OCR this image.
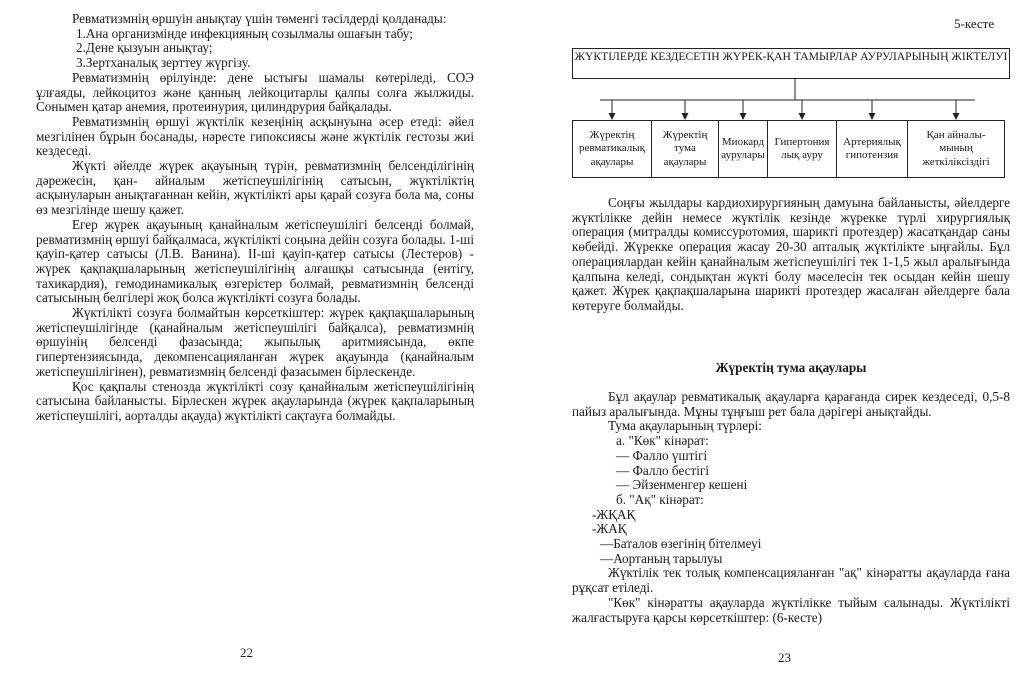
Ревматизмнің өршуін анықтау үшін төменгі тәсілдерді қолданады:

1.Ана организмінде инфекцияның созылмалы ошағын табу;

2.Дене қызуын анықтау;

3.Зертханалық зерттеу жүргізу.

Ревматизмнің өрілуінде: дене ыстығы шамалы көтеріледі, СОЭ ұлғаяды, лейкоцитоз және қанның лейкоцитарлы қалпы солға жылжиды. Сонымен қатар анемия, протеинурия, цилиндрурия байқалады.

Ревматизмнің өршуі жүктілік кезеңінің асқынуына әсер етеді: әйел мезгілінен бұрын босанады, нәресте гипоксиясы және жүктілік гестозы жиі кездеседі.

Жүкті әйелде жүрек ақауының түрін, ревматизмнің белсенділігінің дәрежесін, қан- айналым жетіспеушілігінің сатысын, жүктіліктің асқынуларын анықтағаннан кейін, жүктілікті ары қарай созуға бола ма, соны өз мезгілінде шешу қажет.

Егер жүрек ақауының қанайналым жетіспеушілігі белсенді болмай, ревматизмнің өршуі байқалмаса, жүктілікті соңына дейін созуға болады. 1-ші қауіп-қатер сатысы (Л.В. Ванина). ІІ-ші қауіп-қатер сатысы (Лестеров) - жүрек қақпақшаларының жетіспеушілігінің алғашқы сатысында (ентігу, тахикардия), гемодинамикалық өзгерістер болмай, ревматизмнің белсенді сатысының белгілері жоқ болса жүктілікті созуға болады.

Жүктілікті созуға болмайтын көрсеткіштер: жүрек қақпақшаларының жетіспеушілігінде (қанайналым жетіспеушілігі байқалса), ревматизмнің өршуінің белсенді фазасында; жыпылық аритмиясында, өкпе гипертензиясында, декомпенсацияланған жүрек ақауында (қанайналым жетіспеушілігінен), ревматизмнің белсенді фазасымен бірлескенде.

Қос қақпалы стенозда жүктілікті созу қанайналым жетіспеушілігінің сатысына байланысты. Бірлескен жүрек ақауларында (жүрек қақпаларының жетіспеушілігі, аорталды ақауда) жүктілікті сақтауға болмайды.

22
5-кесте
ЖҮКТІЛЕРДЕ КЕЗДЕСЕТІН ЖҮРЕК-ҚАН ТАМЫРЛАР АУРУЛАРЫНЫҢ ЖІКТЕЛУІ
Жүректің ревматикалық ақаулары
Жүректің тума ақаулары
Миокард аурулары
Гипертония лық ауру
Артериялық гипотензия
Қан айналы-мының жеткіліксіздігі

Соңғы жылдары кардиохирургияның дамуына байланысты, әйелдерге жүктілікке дейін немесе жүктілік кезінде жүрекке түрлі хирургиялық операция (митралды комиссуротомия, шарикті протездер) жасатқандар саны көбейді. Жүрекке операция жасау 20-30 апталық жүктілікте ыңғайлы. Бұл операциялардан кейін қанайналым жетіспеушілігі тек 1-1,5 жыл аралығында қалпына келеді, сондықтан жүкті болу мәселесін тек осыдан кейін шешу қажет. Жүрек қақпақшаларына шарикті протездер жасалған әйелдерге бала көтеруге болмайды.

Жүректің тума ақаулары

Бұл ақаулар ревматикалық ақауларға қарағанда сирек кездеседі, 0,5-8 пайыз аралығында. Мұны тұңғыш рет бала дәрігері анықтайды.

Тума ақауларының түрлері:

а. "Көк" кінәрат:

— Фалло үштігі

— Фалло бестігі

— Эйзенменгер кешені

б. "Ақ" кінәрат:

-ЖҚАҚ

-ЖАҚ

—Баталов өзегінің бітелмеуі

—Аортаның тарылуы

Жүктілік тек толық компенсацияланған "ақ" кінәратты ақауларда ғана рұқсат етіледі.

"Көк" кінәратты ақауларда жүктілікке тыйым салынады. Жүктілікті жалғастыруға қарсы көрсеткіштер: (6-кесте)

23
